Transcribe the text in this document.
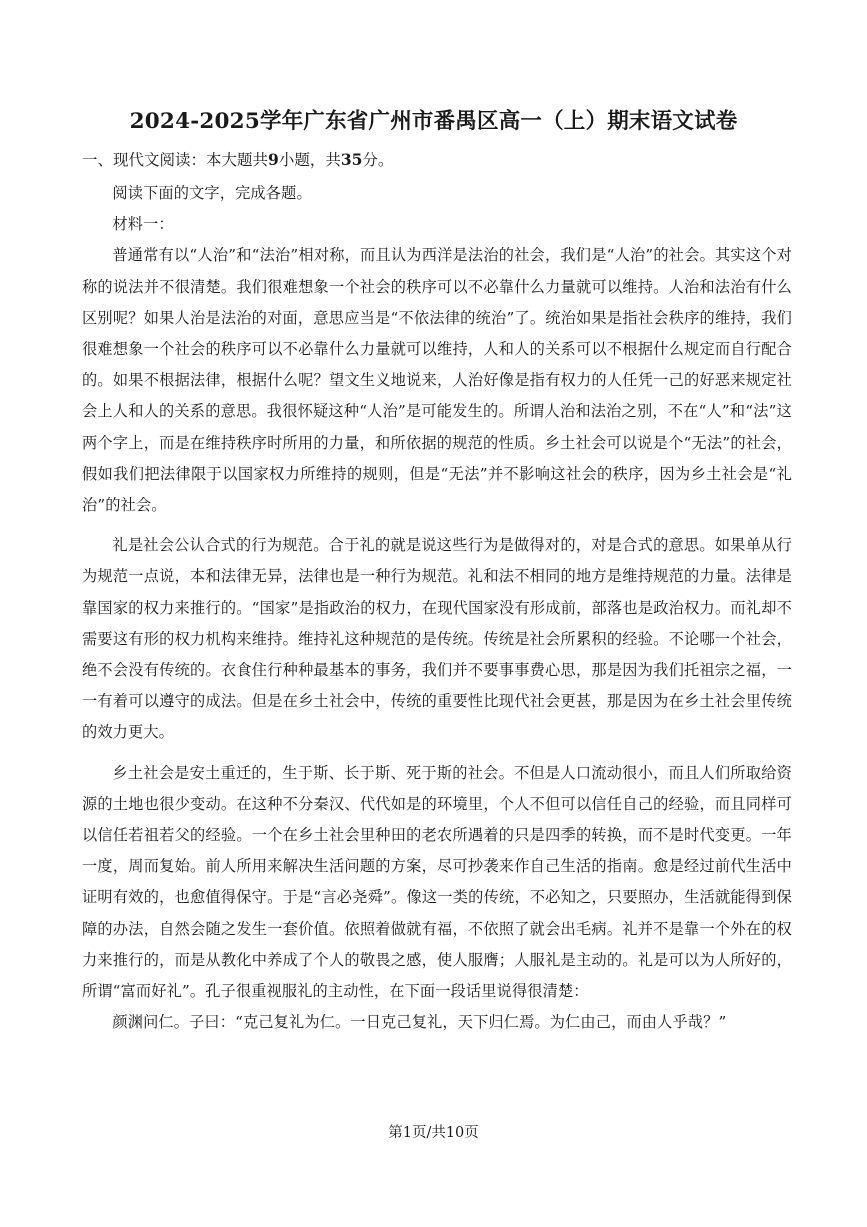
2024-2025学年广东省广州市番禺区高一（上）期末语文试卷
一、现代文阅读：本大题共9小题，共35分。

阅读下面的文字，完成各题。

材料一：

普通常有以“人治”和“法治”相对称，而且认为西洋是法治的社会，我们是“人治”的社会。其实这个对称的说法并不很清楚。我们很难想象一个社会的秩序可以不必靠什么力量就可以维持。人治和法治有什么区别呢？如果人治是法治的对面，意思应当是“不依法律的统治”了。统治如果是指社会秩序的维持，我们很难想象一个社会的秩序可以不必靠什么力量就可以维持，人和人的关系可以不根据什么规定而自行配合的。如果不根据法律，根据什么呢？望文生义地说来，人治好像是指有权力的人任凭一己的好恶来规定社会上人和人的关系的意思。我很怀疑这种“人治”是可能发生的。所谓人治和法治之别，不在“人”和“法”这两个字上，而是在维持秩序时所用的力量，和所依据的规范的性质。乡土社会可以说是个“无法”的社会，假如我们把法律限于以国家权力所维持的规则，但是“无法”并不影响这社会的秩序，因为乡土社会是“礼治”的社会。

礼是社会公认合式的行为规范。合于礼的就是说这些行为是做得对的，对是合式的意思。如果单从行为规范一点说，本和法律无异，法律也是一种行为规范。礼和法不相同的地方是维持规范的力量。法律是靠国家的权力来推行的。“国家”是指政治的权力，在现代国家没有形成前，部落也是政治权力。而礼却不需要这有形的权力机构来维持。维持礼这种规范的是传统。传统是社会所累积的经验。不论哪一个社会，绝不会没有传统的。衣食住行种种最基本的事务，我们并不要事事费心思，那是因为我们托祖宗之福，一一有着可以遵守的成法。但是在乡土社会中，传统的重要性比现代社会更甚，那是因为在乡土社会里传统的效力更大。

乡土社会是安土重迁的，生于斯、长于斯、死于斯的社会。不但是人口流动很小，而且人们所取给资源的土地也很少变动。在这种不分秦汉、代代如是的环境里，个人不但可以信任自己的经验，而且同样可以信任若祖若父的经验。一个在乡土社会里种田的老农所遇着的只是四季的转换，而不是时代变更。一年一度，周而复始。前人所用来解决生活问题的方案，尽可抄袭来作自己生活的指南。愈是经过前代生活中证明有效的，也愈值得保守。于是“言必尧舜”。像这一类的传统，不必知之，只要照办，生活就能得到保障的办法，自然会随之发生一套价值。依照着做就有福，不依照了就会出毛病。礼并不是靠一个外在的权力来推行的，而是从教化中养成了个人的敬畏之感，使人服膺；人服礼是主动的。礼是可以为人所好的，所谓“富而好礼”。孔子很重视服礼的主动性，在下面一段话里说得很清楚：

颜渊问仁。子曰：“克己复礼为仁。一日克己复礼，天下归仁焉。为仁由己，而由人乎哉？”

第1页/共10页
